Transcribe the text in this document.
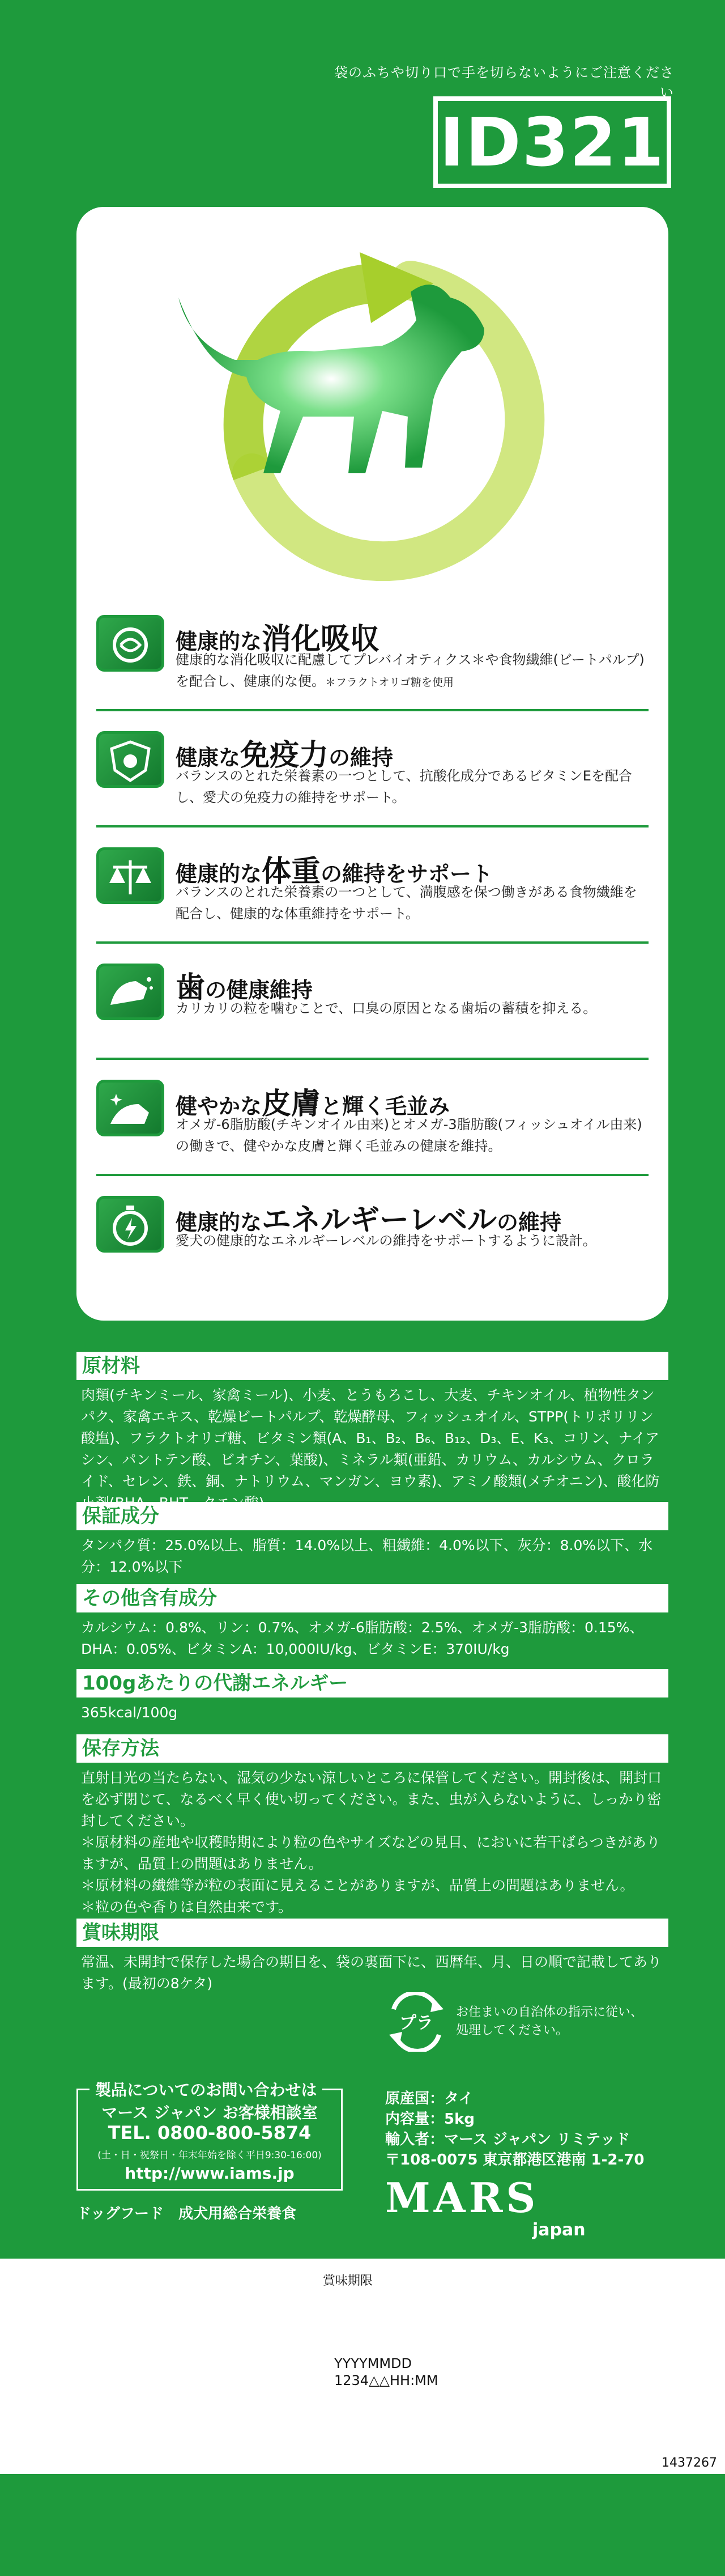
袋のふちや切り口で手を切らないようにご注意ください
ID321
健康的な消化吸収
健康的な消化吸収に配慮してプレバイオティクス＊や食物繊維(ビートパルプ)を配合し、健康的な便。＊フラクトオリゴ糖を使用
健康な免疫力の維持
バランスのとれた栄養素の一つとして、抗酸化成分であるビタミンEを配合し、愛犬の免疫力の維持をサポート。
健康的な体重の維持をサポート
バランスのとれた栄養素の一つとして、満腹感を保つ働きがある食物繊維を配合し、健康的な体重維持をサポート。
歯の健康維持
カリカリの粒を噛むことで、口臭の原因となる歯垢の蓄積を抑える。
健やかな皮膚と輝く毛並み
オメガ-6脂肪酸(チキンオイル由来)とオメガ-3脂肪酸(フィッシュオイル由来)の働きで、健やかな皮膚と輝く毛並みの健康を維持。
健康的なエネルギーレベルの維持
愛犬の健康的なエネルギーレベルの維持をサポートするように設計。
原材料
肉類(チキンミール、家禽ミール)、小麦、とうもろこし、大麦、チキンオイル、植物性タンパク、家禽エキス、乾燥ビートパルプ、乾燥酵母、フィッシュオイル、STPP(トリポリリン酸塩)、フラクトオリゴ糖、ビタミン類(A、B₁、B₂、B₆、B₁₂、D₃、E、K₃、コリン、ナイアシン、パントテン酸、ビオチン、葉酸)、ミネラル類(亜鉛、カリウム、カルシウム、クロライド、セレン、鉄、銅、ナトリウム、マンガン、ヨウ素)、アミノ酸類(メチオニン)、酸化防
保証成分
タンパク質：25.0%以上、脂質：14.0%以上、粗繊維：4.0%以下、灰分：8.0%以下、水分：12.0%以下
その他含有成分
カルシウム：0.8%、リン：0.7%、オメガ-6脂肪酸：2.5%、オメガ-3脂肪酸：0.15%、DHA：0.05%、ビタミンA：10,000IU/kg、ビタミンE：370IU/kg
100gあたりの代謝エネルギー
365kcal/100g
保存方法

直射日光の当たらない、湿気の少ない涼しいところに保管してください。開封後は、開封口を必ず閉じて、なるべく早く使い切ってください。また、虫が入らないように、しっかり密封してください。

＊原材料の産地や収穫時期により粒の色やサイズなどの見目、においに若干ばらつきがありますが、品質上の問題はありません。

＊原材料の繊維等が粒の表面に見えることがありますが、品質上の問題はありません。

＊粒の色や香りは自然由来です。

賞味期限
常温、未開封で保存した場合の期日を、袋の裏面下に、西暦年、月、日の順で記載してあります。(最初の8ケタ)
プラ
お住まいの自治体の指示に従い、
処理してください。
製品についてのお問い合わせは
マース ジャパン お客様相談室
TEL. 0800-800-5874
(土・日・祝祭日・年末年始を除く平日9:30-16:00)
http://www.iams.jp
ドッグフード　成犬用総合栄養食
原産国：タイ
内容量：5kg
輸入者：マース ジャパン リミテッド
〒108-0075 東京都港区港南 1-2-70
MARS
japan
賞味期限
YYYYMMDD
1234△△HH:MM
1437267
